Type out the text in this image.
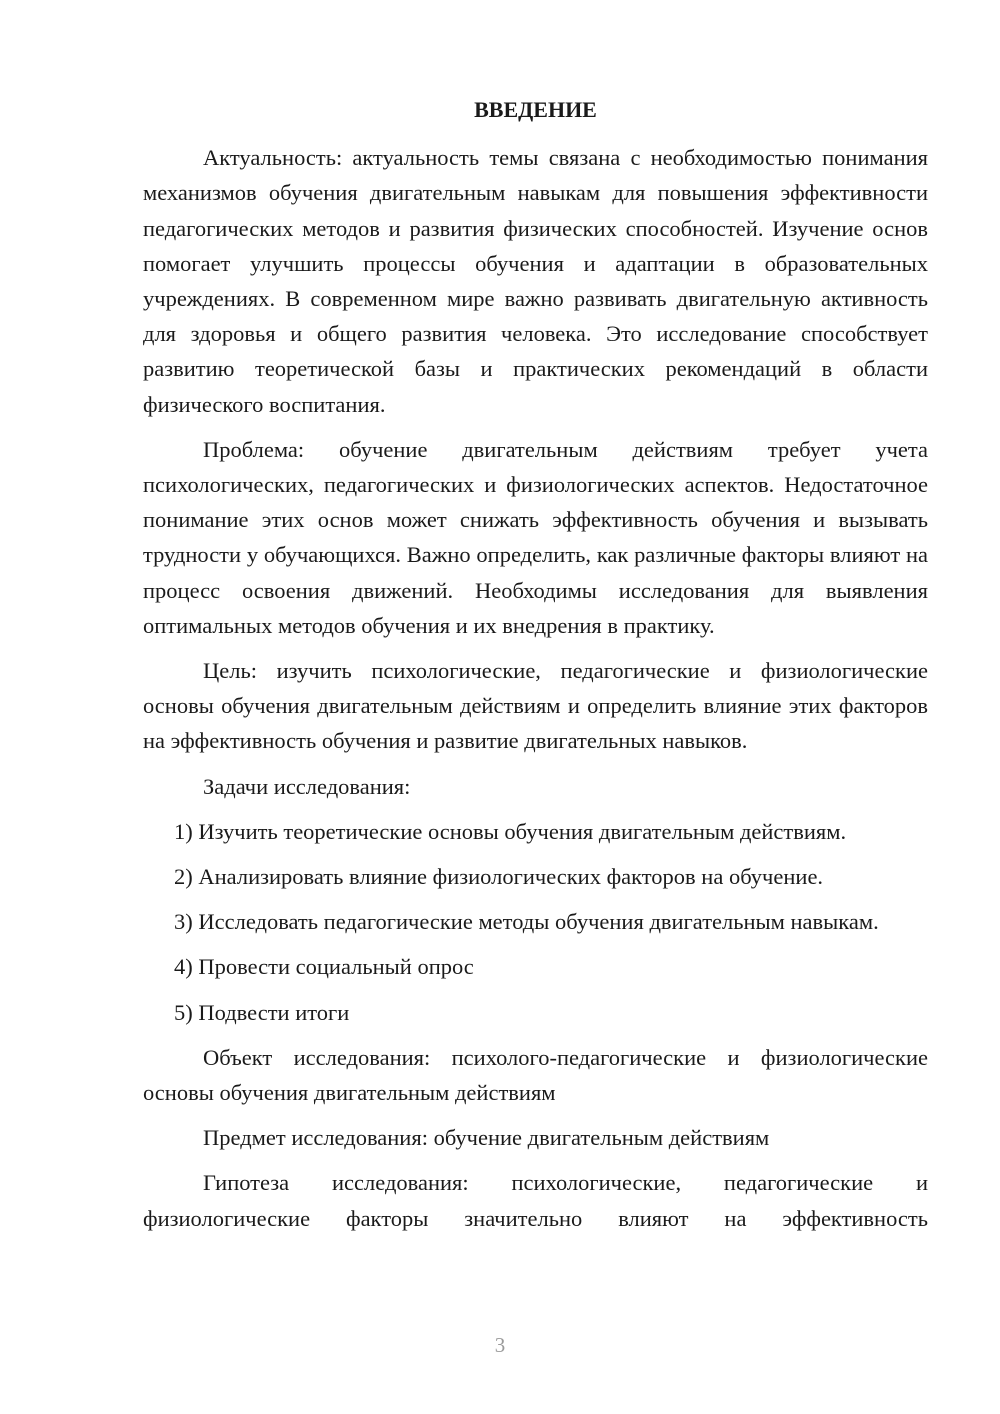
ВВЕДЕНИЕ

Актуальность: актуальность темы связана с необходимостью понимания механизмов обучения двигательным навыкам для повышения эффективности педагогических методов и развития физических способностей. Изучение основ помогает улучшить процессы обучения и адаптации в образовательных учреждениях. В современном мире важно развивать двигательную активность для здоровья и общего развития человека. Это исследование способствует развитию теоретической базы и практических рекомендаций в области физического воспитания.

Проблема: обучение двигательным действиям требует учета психологических, педагогических и физиологических аспектов. Недостаточное понимание этих основ может снижать эффективность обучения и вызывать трудности у обучающихся. Важно определить, как различные факторы влияют на процесс освоения движений. Необходимы исследования для выявления оптимальных методов обучения и их внедрения в практику.

Цель: изучить психологические, педагогические и физиологические основы обучения двигательным действиям и определить влияние этих факторов на эффективность обучения и развитие двигательных навыков.

Задачи исследования:

1) Изучить теоретические основы обучения двигательным действиям.

2) Анализировать влияние физиологических факторов на обучение.

3) Исследовать педагогические методы обучения двигательным навыкам.

4) Провести социальный опрос

5) Подвести итоги

Объект исследования: психолого-педагогические и физиологические основы обучения двигательным действиям

Предмет исследования: обучение двигательным действиям

Гипотеза исследования: психологические, педагогические и физиологические факторы значительно влияют на эффективность

3
